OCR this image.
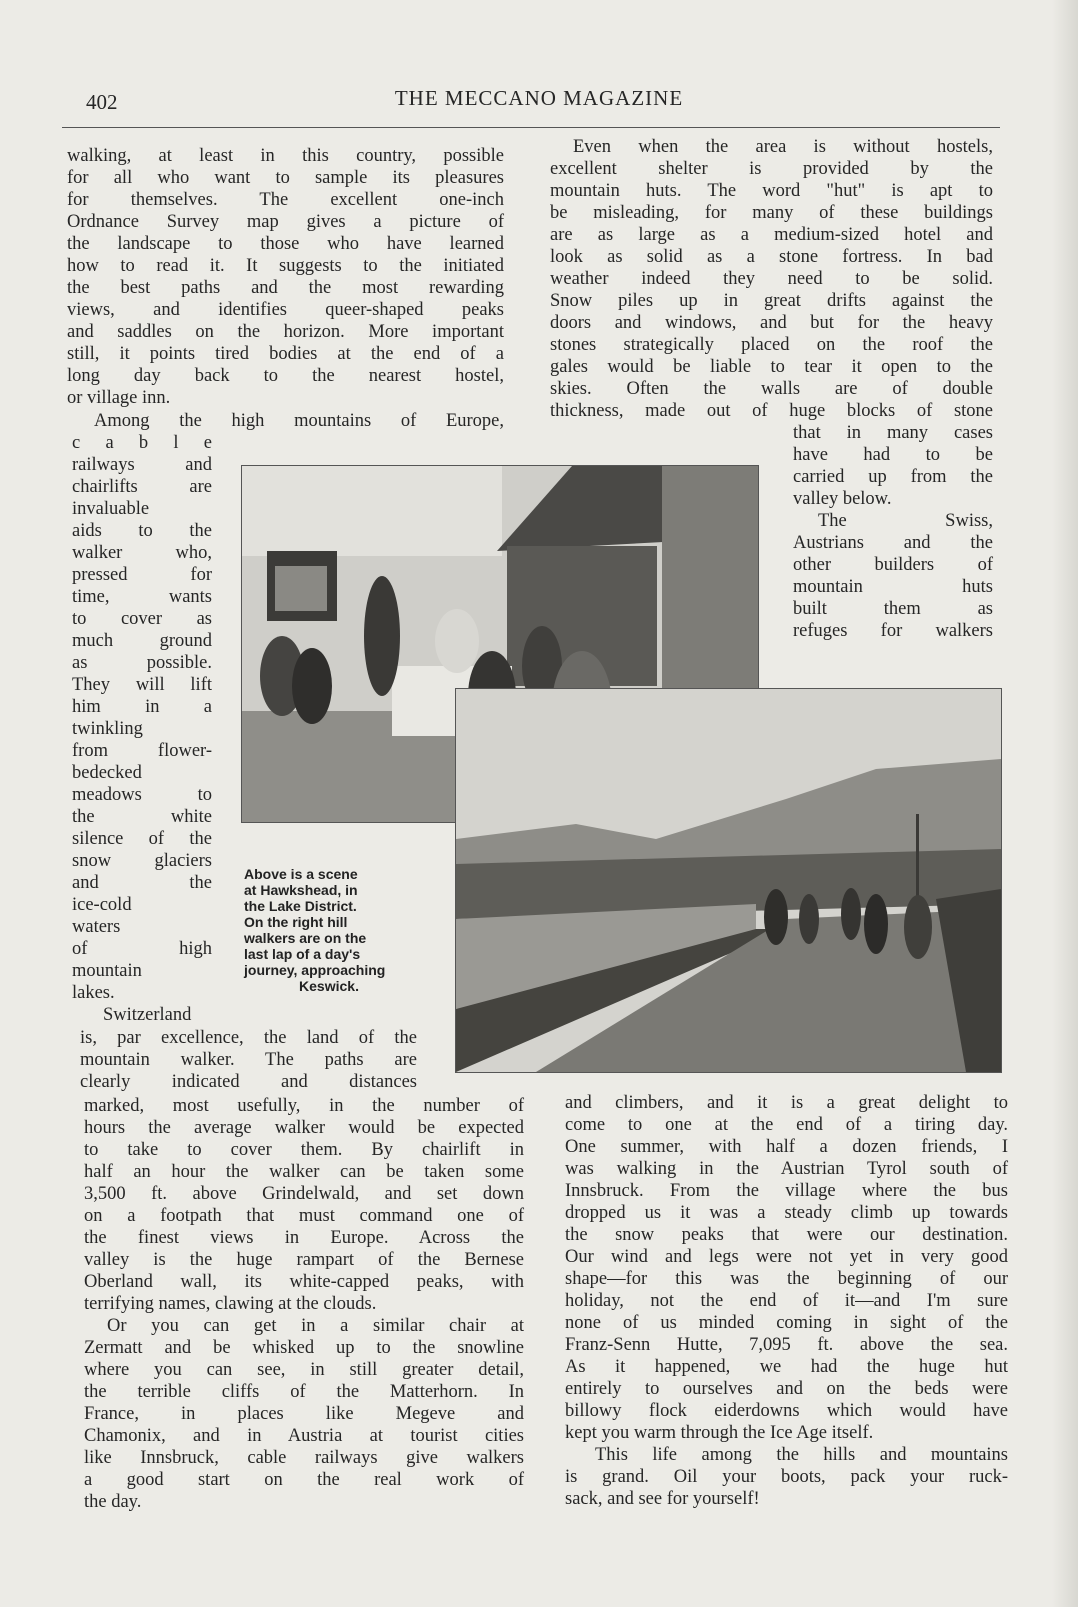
402	THE MECCANO MAGAZINE
walking, at least in this country, possible
for all who want to sample its pleasures
for themselves. The excellent one-inch
Ordnance Survey map gives a picture of
the landscape to those who have learned
how to read it. It suggests to the initiated
the best paths and the most rewarding
views, and identifies queer-shaped peaks
and saddles on the horizon. More important
still, it points tired bodies at the end of a
long day back to the nearest hostel,
or village inn.
Among the high mountains of Europe,
c a b l e
railways and
chairlifts are
invaluable
aids to the
walker who,
pressed for
time, wants
to cover as
much ground
as possible.
They will lift
him in a
twinkling
from flower-
bedecked
meadows to
the white
silence of the
snow glaciers
and the
ice-cold
waters
of high
mountain
lakes.
Switzerland
Above is a scene
at Hawkshead, in
the Lake District.
On the right hill
walkers are on the
last lap of a day's
journey, approaching
Keswick.
is, par excellence, the land of the
mountain walker. The paths are
clearly indicated and distances
marked, most usefully, in the number of
hours the average walker would be expected
to take to cover them. By chairlift in
half an hour the walker can be taken some
3,500 ft. above Grindelwald, and set down
on a footpath that must command one of
the finest views in Europe. Across the
valley is the huge rampart of the Bernese
Oberland wall, its white-capped peaks, with
terrifying names, clawing at the clouds.
Or you can get in a similar chair at
Zermatt and be whisked up to the snowline
where you can see, in still greater detail,
the terrible cliffs of the Matterhorn. In
France, in places like Megeve and
Chamonix, and in Austria at tourist cities
like Innsbruck, cable railways give walkers
a good start on the real work of
the day.
Even when the area is without hostels,
excellent shelter is provided by the
mountain huts. The word "hut" is apt to
be misleading, for many of these buildings
are as large as a medium-sized hotel and
look as solid as a stone fortress. In bad
weather indeed they need to be solid.
Snow piles up in great drifts against the
doors and windows, and but for the heavy
stones strategically placed on the roof the
gales would be liable to tear it open to the
skies. Often the walls are of double
thickness, made out of huge blocks of stone
that in many cases
have had to be
carried up from the
valley below.
The Swiss,
Austrians and the
other builders of
mountain huts
built them as
refuges for walkers
and climbers, and it is a great delight to
come to one at the end of a tiring day.
One summer, with half a dozen friends, I
was walking in the Austrian Tyrol south of
Innsbruck. From the village where the bus
dropped us it was a steady climb up towards
the snow peaks that were our destination.
Our wind and legs were not yet in very good
shape—for this was the beginning of our
holiday, not the end of it—and I'm sure
none of us minded coming in sight of the
Franz-Senn Hutte, 7,095 ft. above the sea.
As it happened, we had the huge hut
entirely to ourselves and on the beds were
billowy flock eiderdowns which would have
kept you warm through the Ice Age itself.
This life among the hills and mountains
is grand. Oil your boots, pack your ruck-
sack, and see for yourself!
